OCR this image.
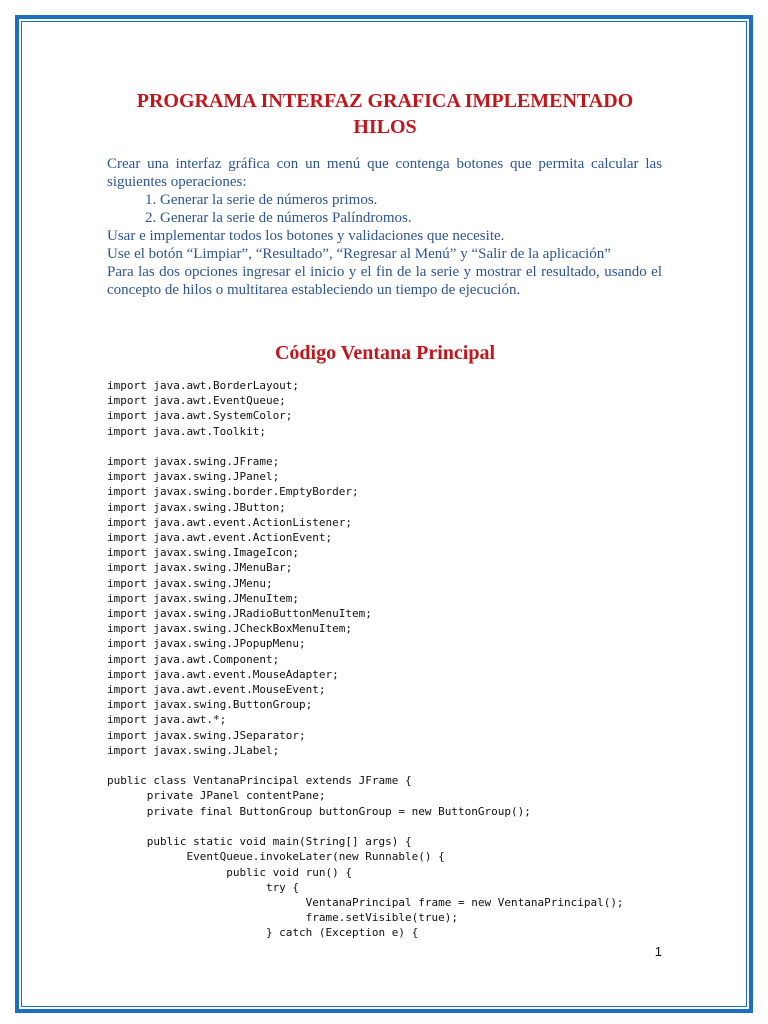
PROGRAMA INTERFAZ GRAFICA IMPLEMENTADO
HILOS

Crear una interfaz gráfica con un menú que contenga botones que permita calcular las siguientes operaciones:

1. Generar la serie de números primos.
2. Generar la serie de números Palíndromos.

Usar e implementar todos los botones y validaciones que necesite.

Use el botón “Limpiar”, “Resultado”, “Regresar al Menú” y “Salir de la aplicación”

Para las dos opciones ingresar el inicio y el fin de la serie y mostrar el resultado, usando el concepto de hilos o multitarea estableciendo un tiempo de ejecución.

Código Ventana Principal
import java.awt.BorderLayout;
import java.awt.EventQueue;
import java.awt.SystemColor;
import java.awt.Toolkit;

import javax.swing.JFrame;
import javax.swing.JPanel;
import javax.swing.border.EmptyBorder;
import javax.swing.JButton;
import java.awt.event.ActionListener;
import java.awt.event.ActionEvent;
import javax.swing.ImageIcon;
import javax.swing.JMenuBar;
import javax.swing.JMenu;
import javax.swing.JMenuItem;
import javax.swing.JRadioButtonMenuItem;
import javax.swing.JCheckBoxMenuItem;
import javax.swing.JPopupMenu;
import java.awt.Component;
import java.awt.event.MouseAdapter;
import java.awt.event.MouseEvent;
import javax.swing.ButtonGroup;
import java.awt.*;
import javax.swing.JSeparator;
import javax.swing.JLabel;

public class VentanaPrincipal extends JFrame {
private JPanel contentPane;
private final ButtonGroup buttonGroup = new ButtonGroup();

public static void main(String[] args) {
EventQueue.invokeLater(new Runnable() {
public void run() {
try {
VentanaPrincipal frame = new VentanaPrincipal();
frame.setVisible(true);
} catch (Exception e) {
1
